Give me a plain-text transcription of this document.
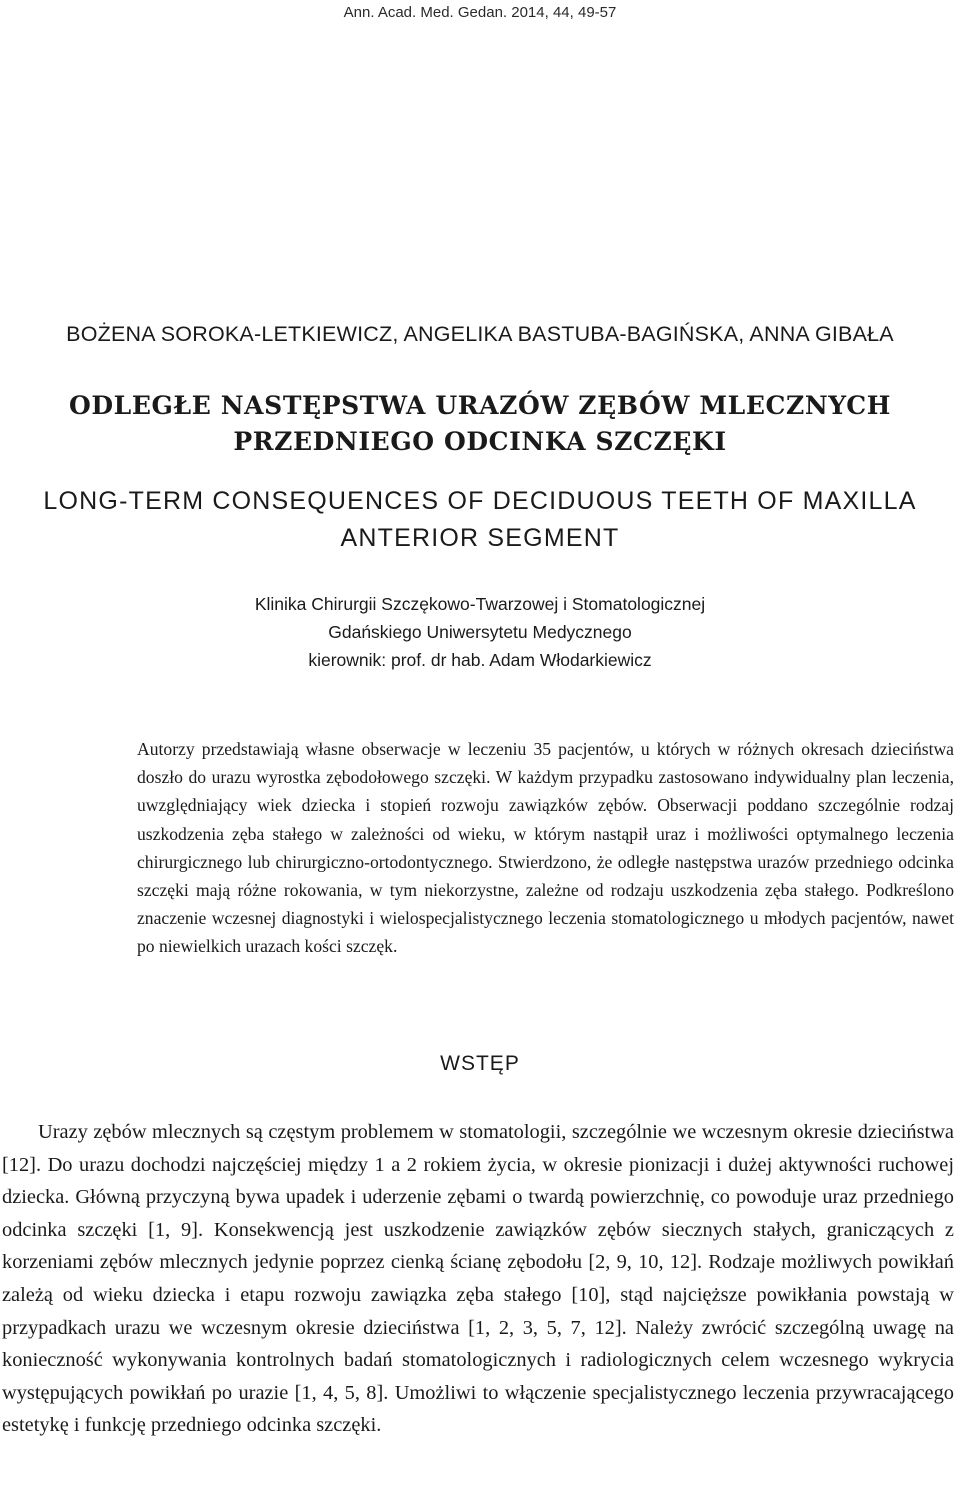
Ann. Acad. Med. Gedan. 2014, 44, 49-57
BOŻENA SOROKA-LETKIEWICZ, ANGELIKA BASTUBA-BAGIŃSKA, ANNA GIBAŁA
ODLEGŁE NASTĘPSTWA URAZÓW ZĘBÓW MLECZNYCH
PRZEDNIEGO ODCINKA SZCZĘKI
LONG-TERM CONSEQUENCES OF DECIDUOUS TEETH OF MAXILLA
ANTERIOR SEGMENT
Klinika Chirurgii Szczękowo-Twarzowej i Stomatologicznej
Gdańskiego Uniwersytetu Medycznego
kierownik: prof. dr hab. Adam Włodarkiewicz

Autorzy przedstawiają własne obserwacje w leczeniu 35 pacjentów, u których w różnych okresach dzieciństwa doszło do urazu wyrostka zębodołowego szczęki. W każdym przypadku zastosowano indywidualny plan leczenia, uwzględniający wiek dziecka i stopień rozwoju zawiązków zębów. Obserwacji poddano szczególnie rodzaj uszkodzenia zęba stałego w zależności od wieku, w którym nastąpił uraz i możliwości optymalnego leczenia chirurgicznego lub chirurgiczno-ortodontycznego. Stwierdzono, że odległe następstwa urazów przedniego odcinka szczęki mają różne rokowania, w tym niekorzystne, zależne od rodzaju uszkodzenia zęba stałego. Podkreślono znaczenie wczesnej diagnostyki i wielospecjalistycznego leczenia stomatologicznego u młodych pacjentów, nawet po niewielkich urazach kości szczęk.

WSTĘP

Urazy zębów mlecznych są częstym problemem w stomatologii, szczególnie we wczesnym okresie dzieciństwa [12]. Do urazu dochodzi najczęściej między 1 a 2 rokiem życia, w okresie pionizacji i dużej aktywności ruchowej dziecka. Główną przyczyną bywa upadek i uderzenie zębami o twardą powierzchnię, co powoduje uraz przedniego odcinka szczęki [1, 9]. Konsekwencją jest uszkodzenie zawiązków zębów siecznych stałych, graniczących z korzeniami zębów mlecznych jedynie poprzez cienką ścianę zębodołu [2, 9, 10, 12]. Rodzaje możliwych powikłań zależą od wieku dziecka i etapu rozwoju zawiązka zęba stałego [10], stąd najcięższe powikłania powstają w przypadkach urazu we wczesnym okresie dzieciństwa [1, 2, 3, 5, 7, 12]. Należy zwrócić szczególną uwagę na konieczność wykonywania kontrolnych badań stomatologicznych i radiologicznych celem wczesnego wykrycia występujących powikłań po urazie [1, 4, 5, 8]. Umożliwi to włączenie specjalistycznego leczenia przywracającego estetykę i funkcję przedniego odcinka szczęki.
